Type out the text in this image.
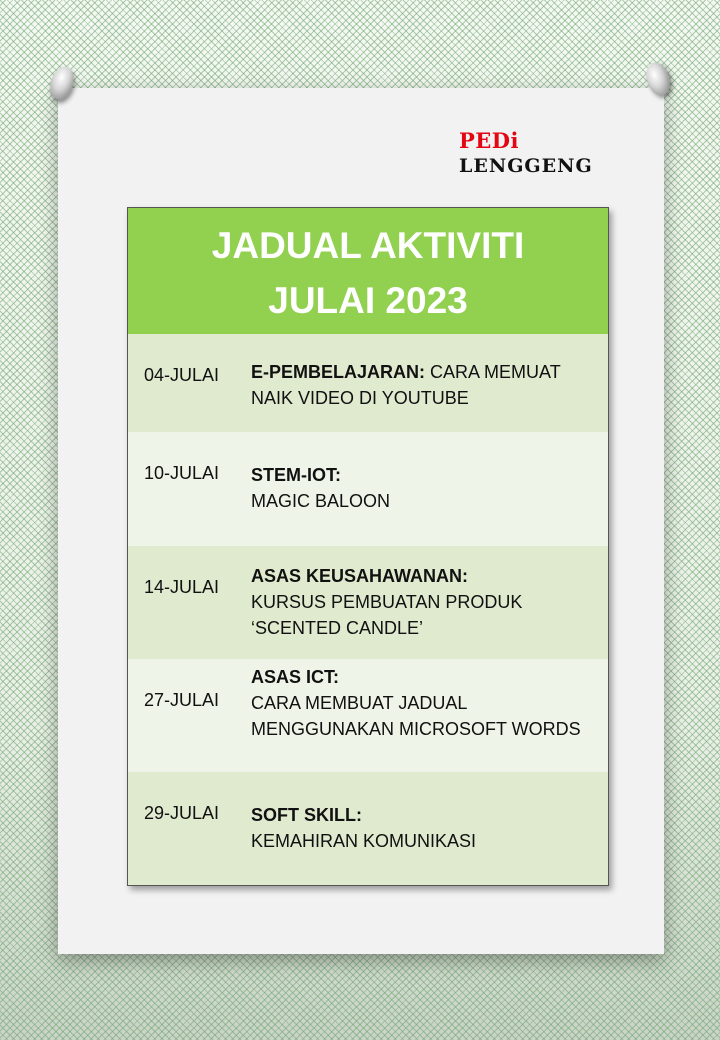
PEDi
LENGGENG
JADUAL AKTIVITI
JULAI 2023
04-JULAI E-PEMBELAJARAN: CARA MEMUAT NAIK VIDEO DI YOUTUBE
10-JULAI STEM-IOT:
MAGIC BALOON
14-JULAI
ASAS KEUSAHAWANAN:
KURSUS PEMBUATAN PRODUK ‘SCENTED CANDLE’
27-JULAI
ASAS ICT:
CARA MEMBUAT JADUAL MENGGUNAKAN MICROSOFT WORDS
29-JULAI SOFT SKILL:
KEMAHIRAN KOMUNIKASI
